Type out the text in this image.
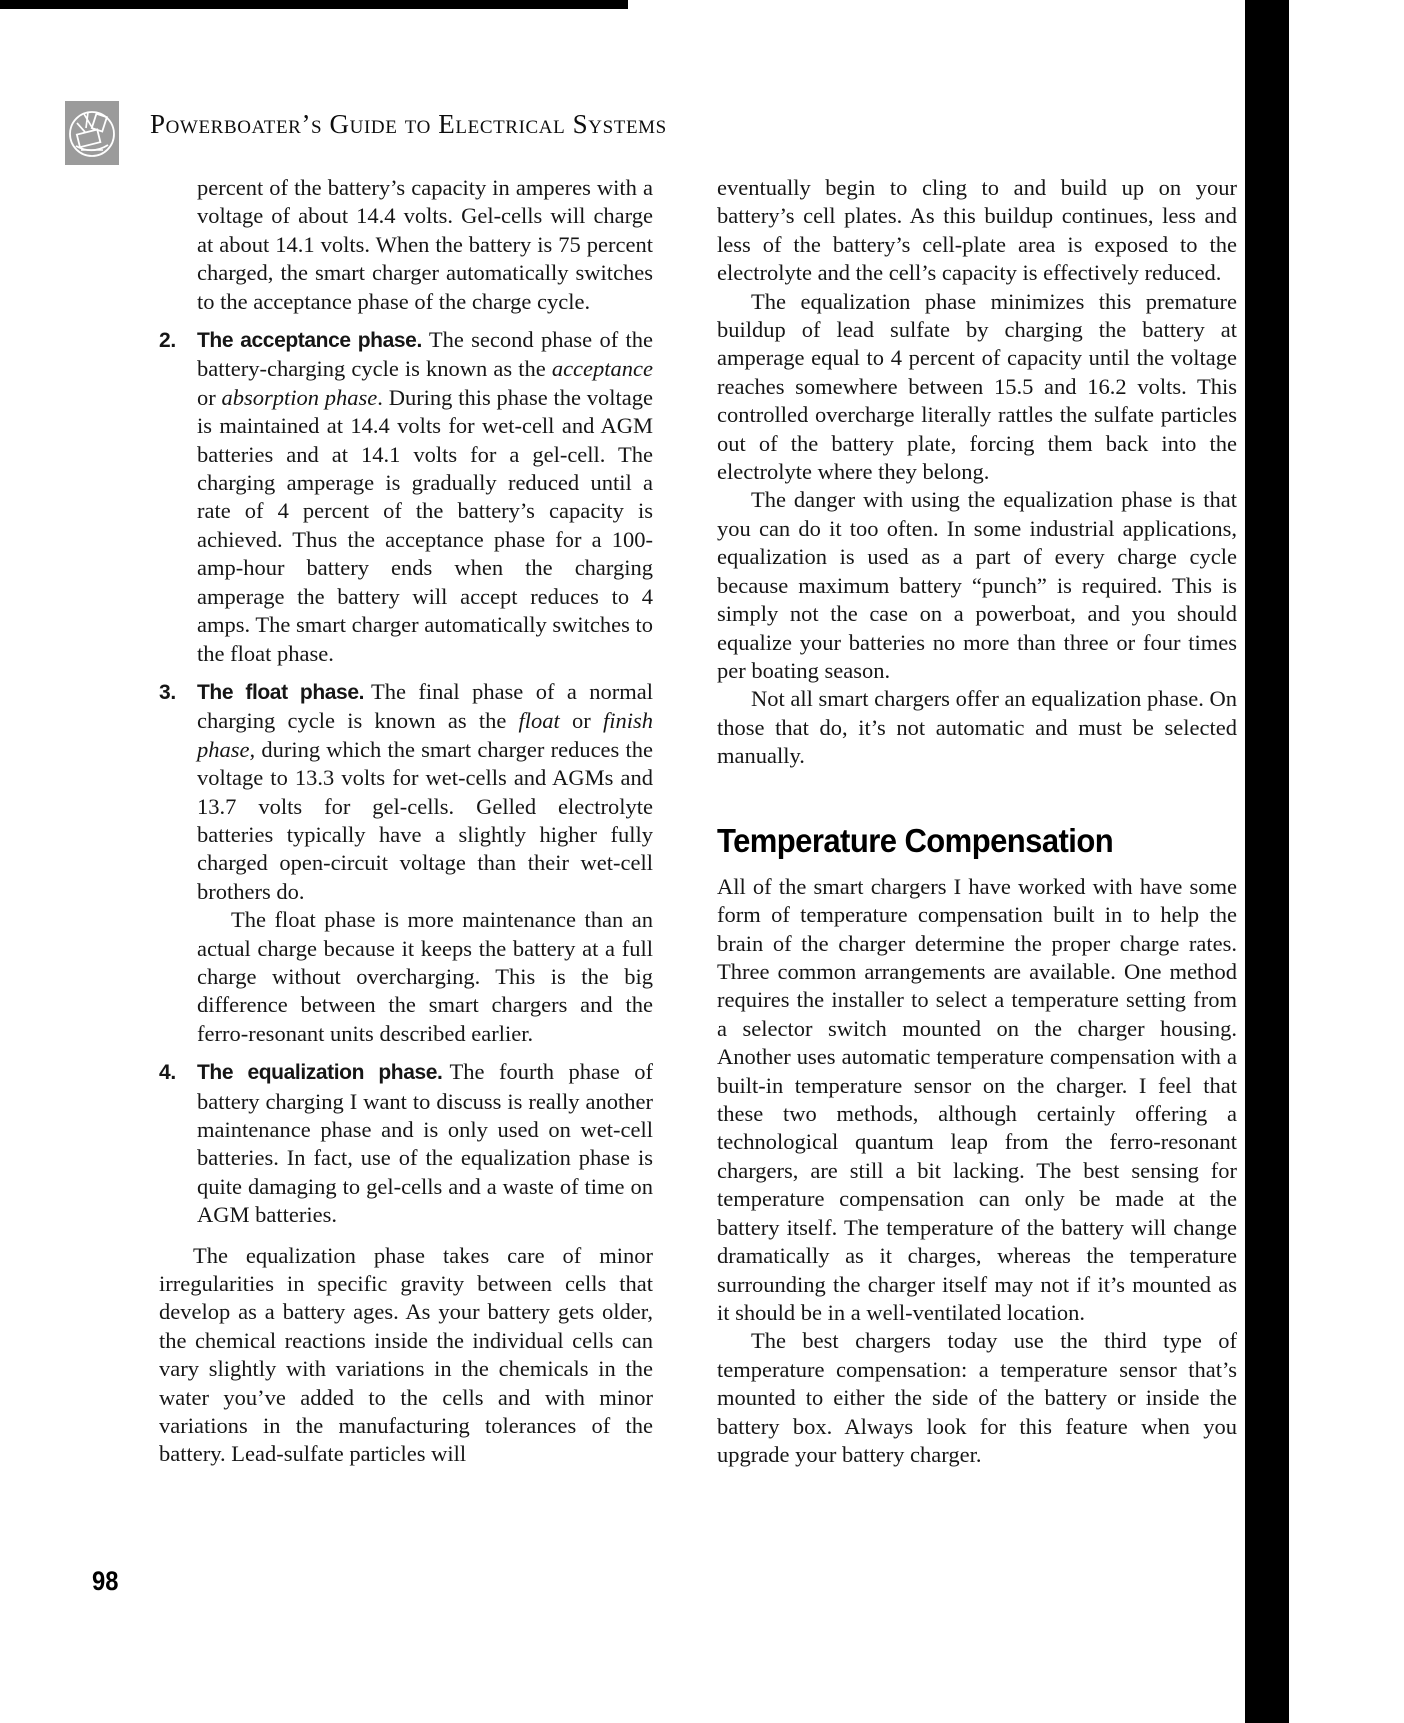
Powerboater’s Guide to Electrical Systems

percent of the battery’s capacity in amperes with a voltage of about 14.4 volts. Gel-cells will charge at about 14.1 volts. When the battery is 75 percent charged, the smart charger automatically switches to the acceptance phase of the charge cycle.

2. The acceptance phase. The second phase of the battery-charging cycle is known as the acceptance or absorption phase. During this phase the voltage is maintained at 14.4 volts for wet-cell and AGM batteries and at 14.1 volts for a gel-cell. The charging amperage is gradually reduced until a rate of 4 percent of the battery’s capacity is achieved. Thus the acceptance phase for a 100-amp-hour battery ends when the charging amperage the battery will accept reduces to 4 amps. The smart charger automatically switches to the float phase.

3. The float phase. The final phase of a normal charging cycle is known as the float or finish phase, during which the smart charger reduces the voltage to 13.3 volts for wet-cells and AGMs and 13.7 volts for gel-cells. Gelled electrolyte batteries typically have a slightly higher fully charged open-circuit voltage than their wet-cell brothers do.

The float phase is more maintenance than an actual charge because it keeps the battery at a full charge without overcharging. This is the big difference between the smart chargers and the ferro-resonant units described earlier.

4. The equalization phase. The fourth phase of battery charging I want to discuss is really another maintenance phase and is only used on wet-cell batteries. In fact, use of the equalization phase is quite damaging to gel-cells and a waste of time on AGM batteries.

The equalization phase takes care of minor irregularities in specific gravity between cells that develop as a battery ages. As your battery gets older, the chemical reactions inside the individual cells can vary slightly with variations in the chemicals in the water you’ve added to the cells and with minor variations in the manufacturing tolerances of the battery. Lead-sulfate particles will

eventually begin to cling to and build up on your battery’s cell plates. As this buildup continues, less and less of the battery’s cell-plate area is exposed to the electrolyte and the cell’s capacity is effectively reduced.

The equalization phase minimizes this premature buildup of lead sulfate by charging the battery at amperage equal to 4 percent of capacity until the voltage reaches somewhere between 15.5 and 16.2 volts. This controlled overcharge literally rattles the sulfate particles out of the battery plate, forcing them back into the electrolyte where they belong.

The danger with using the equalization phase is that you can do it too often. In some industrial applications, equalization is used as a part of every charge cycle because maximum battery “punch” is required. This is simply not the case on a powerboat, and you should equalize your batteries no more than three or four times per boating season.

Not all smart chargers offer an equalization phase. On those that do, it’s not automatic and must be selected manually.

Temperature Compensation

All of the smart chargers I have worked with have some form of temperature compensation built in to help the brain of the charger determine the proper charge rates. Three common arrangements are available. One method requires the installer to select a temperature setting from a selector switch mounted on the charger housing. Another uses automatic temperature compensation with a built-in temperature sensor on the charger. I feel that these two methods, although certainly offering a technological quantum leap from the ferro-resonant chargers, are still a bit lacking. The best sensing for temperature compensation can only be made at the battery itself. The temperature of the battery will change dramatically as it charges, whereas the temperature surrounding the charger itself may not if it’s mounted as it should be in a well-ventilated location.

The best chargers today use the third type of temperature compensation: a temperature sensor that’s mounted to either the side of the battery or inside the battery box. Always look for this feature when you upgrade your battery charger.

98
